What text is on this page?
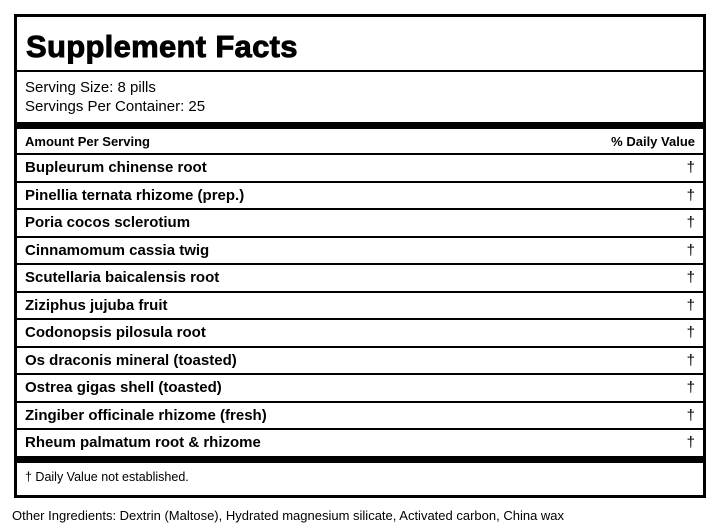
Supplement Facts
Serving Size: 8 pills
Servings Per Container: 25
Amount Per Serving	% Daily Value
Bupleurum chinense root	†
Pinellia ternata rhizome (prep.)	†
Poria cocos sclerotium	†
Cinnamomum cassia twig	†
Scutellaria baicalensis root	†
Ziziphus jujuba fruit	†
Codonopsis pilosula root	†
Os draconis mineral (toasted)	†
Ostrea gigas shell (toasted)	†
Zingiber officinale rhizome (fresh)	†
Rheum palmatum root & rhizome	†
† Daily Value not established.
Other Ingredients: Dextrin (Maltose), Hydrated magnesium silicate, Activated carbon, China wax
